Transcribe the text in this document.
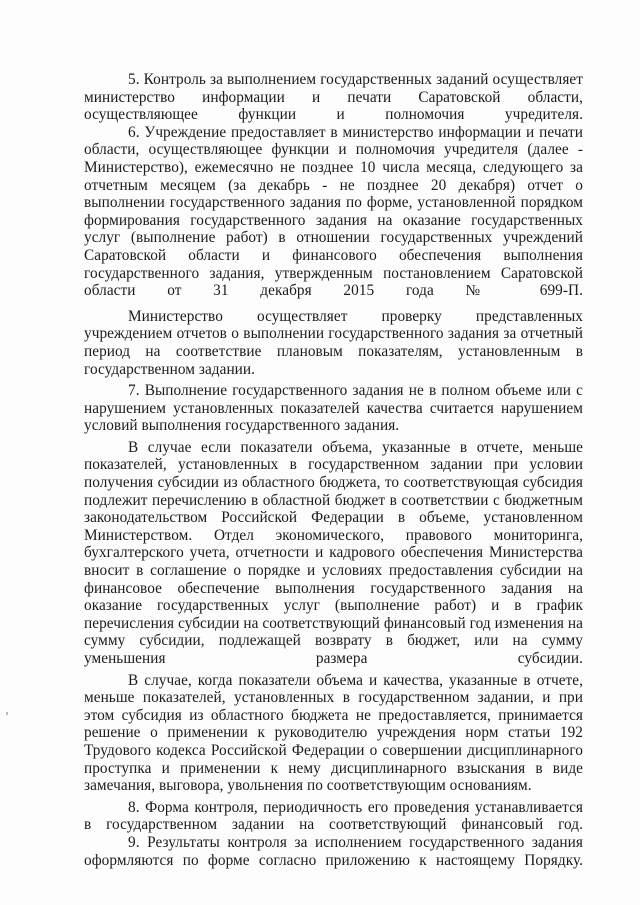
5. Контроль за выполнением государственных заданий осуществляет министерство информации и печати Саратовской области, осуществляющее функции и полномочия учредителя.

6. Учреждение предоставляет в министерство информации и печати области, осуществляющее функции и полномочия учредителя (далее - Министерство), ежемесячно не позднее 10 числа месяца, следующего за отчетным месяцем (за декабрь - не позднее 20 декабря) отчет о выполнении государственного задания по форме, установленной порядком формирования государственного задания на оказание государственных услуг (выполнение работ) в отношении государственных учреждений Саратовской области и финансового обеспечения выполнения государственного задания, утвержденным постановлением Саратовской области от 31 декабря 2015 года № 699-П.

Министерство осуществляет проверку представленных учреждением отчетов о выполнении государственного задания за отчетный период на соответствие плановым показателям, установленным в государственном задании.

7. Выполнение государственного задания не в полном объеме или с нарушением установленных показателей качества считается нарушением условий выполнения государственного задания.

В случае если показатели объема, указанные в отчете, меньше показателей, установленных в государственном задании при условии получения субсидии из областного бюджета, то соответствующая субсидия подлежит перечислению в областной бюджет в соответствии с бюджетным законодательством Российской Федерации в объеме, установленном Министерством. Отдел экономического, правового мониторинга, бухгалтерского учета, отчетности и кадрового обеспечения Министерства вносит в соглашение о порядке и условиях предоставления субсидии на финансовое обеспечение выполнения государственного задания на оказание государственных услуг (выполнение работ) и в график перечисления субсидии на соответствующий финансовый год изменения на сумму субсидии, подлежащей возврату в бюджет, или на сумму уменьшения размера субсидии.

В случае, когда показатели объема и качества, указанные в отчете, меньше показателей, установленных в государственном задании, и при этом субсидия из областного бюджета не предоставляется, принимается решение о применении к руководителю учреждения норм статьи 192 Трудового кодекса Российской Федерации о совершении дисциплинарного проступка и применении к нему дисциплинарного взыскания в виде замечания, выговора, увольнения по соответствующим основаниям.

8. Форма контроля, периодичность его проведения устанавливается в государственном задании на соответствующий финансовый год.

9. Результаты контроля за исполнением государственного задания оформляются по форме согласно приложению к настоящему Порядку.
